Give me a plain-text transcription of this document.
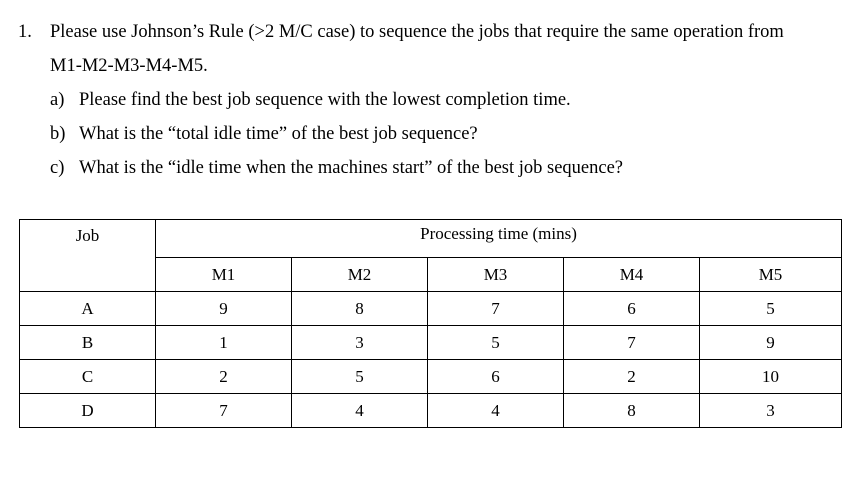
1. Please use Johnson’s Rule (>2 M/C case) to sequence the jobs that require the same operation from
M1-M2-M3-M4-M5.
a) Please find the best job sequence with the lowest completion time.
b) What is the “total idle time” of the best job sequence?
c) What is the “idle time when the machines start” of the best job sequence?
Job	Processing time (mins)				
	M1	M2	M3	M4	M5
A	9	8	7	6	5
B	1	3	5	7	9
C	2	5	6	2	10
D	7	4	4	8	3
